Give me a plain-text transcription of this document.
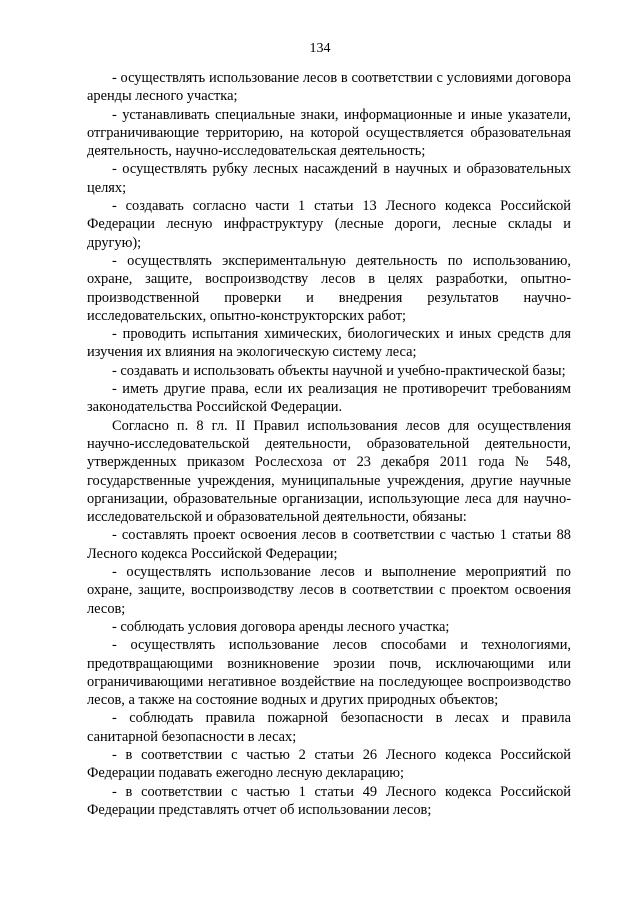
134

- осуществлять использование лесов в соответствии с условиями договора аренды лесного участка;

- устанавливать специальные знаки, информационные и иные указатели, отграничивающие территорию, на которой осуществляется образовательная деятельность, научно-исследовательская деятельность;

- осуществлять рубку лесных насаждений в научных и образовательных целях;

- создавать согласно части 1 статьи 13 Лесного кодекса Российской Федерации лесную инфраструктуру (лесные дороги, лесные склады и другую);

- осуществлять экспериментальную деятельность по использованию, охране, защите, воспроизводству лесов в целях разработки, опытно-производственной проверки и внедрения результатов научно-исследовательских, опытно-конструкторских работ;

- проводить испытания химических, биологических и иных средств для изучения их влияния на экологическую систему леса;

- создавать и использовать объекты научной и учебно-практической базы;

- иметь другие права, если их реализация не противоречит требованиям законодательства Российской Федерации.

Согласно п. 8 гл. II Правил использования лесов для осуществления научно-исследовательской деятельности, образовательной деятельности, утвержденных приказом Рослесхоза от 23 декабря 2011 года № 548, государственные учреждения, муниципальные учреждения, другие научные организации, образовательные организации, использующие леса для научно-исследовательской и образовательной деятельности, обязаны:

- составлять проект освоения лесов в соответствии с частью 1 статьи 88 Лесного кодекса Российской Федерации;

- осуществлять использование лесов и выполнение мероприятий по охране, защите, воспроизводству лесов в соответствии с проектом освоения лесов;

- соблюдать условия договора аренды лесного участка;

- осуществлять использование лесов способами и технологиями, предотвращающими возникновение эрозии почв, исключающими или ограничивающими негативное воздействие на последующее воспроизводство лесов, а также на состояние водных и других природных объектов;

- соблюдать правила пожарной безопасности в лесах и правила санитарной безопасности в лесах;

- в соответствии с частью 2 статьи 26 Лесного кодекса Российской Федерации подавать ежегодно лесную декларацию;

- в соответствии с частью 1 статьи 49 Лесного кодекса Российской Федерации представлять отчет об использовании лесов;
